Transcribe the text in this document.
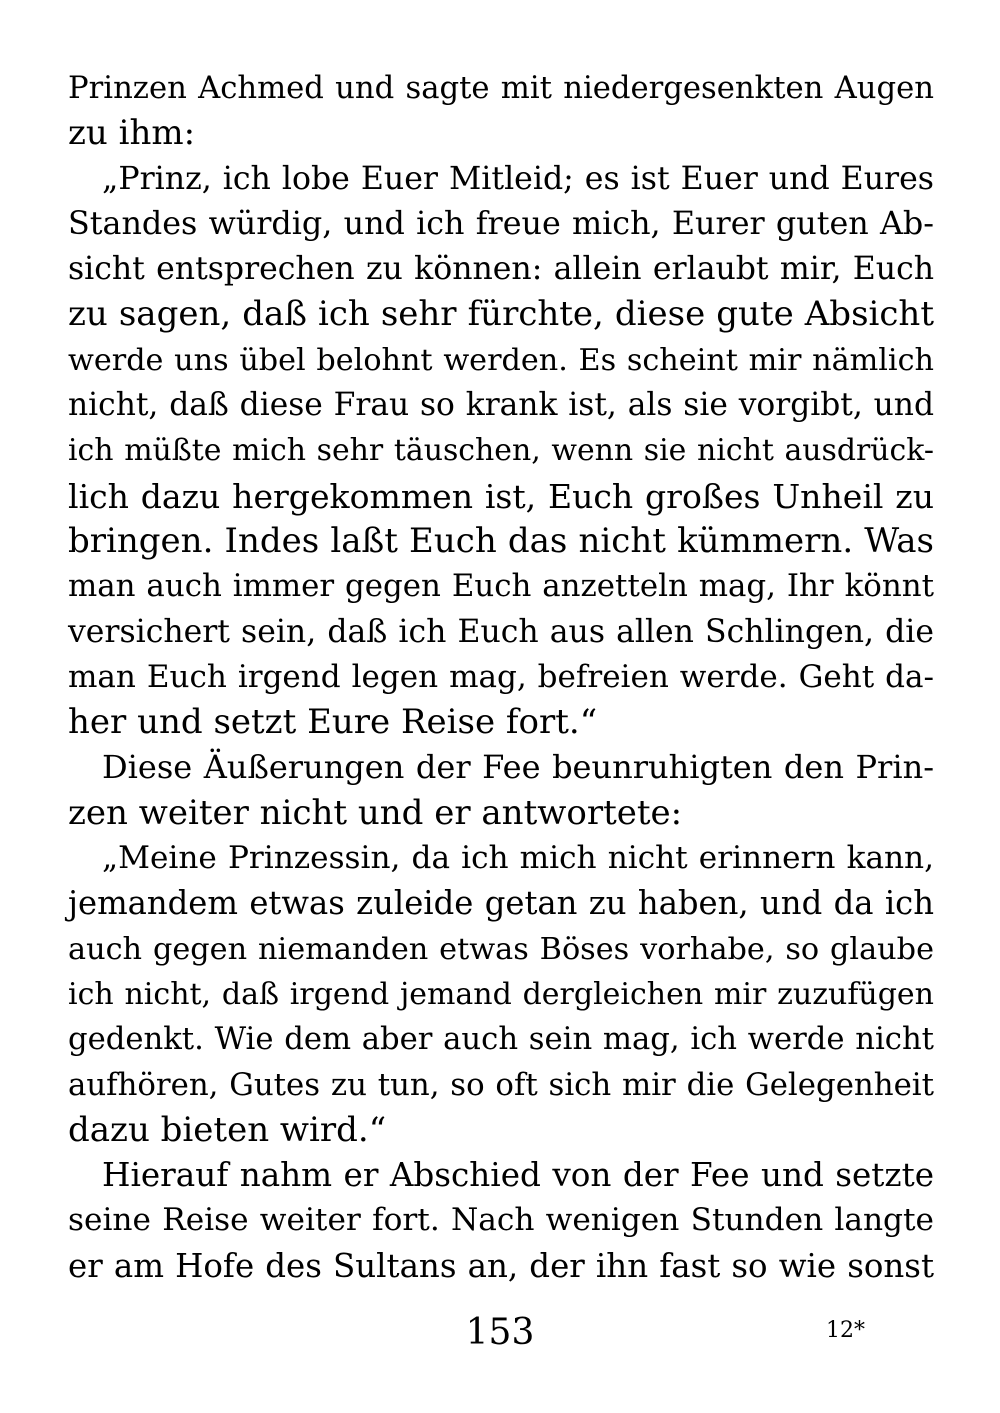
Prinzen Achmed und sagte mit niedergesenkten Augen
zu ihm:
„Prinz, ich lobe Euer Mitleid; es ist Euer und Eures
Standes würdig, und ich freue mich, Eurer guten Ab-
sicht entsprechen zu können: allein erlaubt mir, Euch
zu sagen, daß ich sehr fürchte, diese gute Absicht
werde uns übel belohnt werden. Es scheint mir nämlich
nicht, daß diese Frau so krank ist, als sie vorgibt, und
ich müßte mich sehr täuschen, wenn sie nicht ausdrück-
lich dazu hergekommen ist, Euch großes Unheil zu
bringen. Indes laßt Euch das nicht kümmern. Was
man auch immer gegen Euch anzetteln mag, Ihr könnt
versichert sein, daß ich Euch aus allen Schlingen, die
man Euch irgend legen mag, befreien werde. Geht da-
her und setzt Eure Reise fort.“
Diese Äußerungen der Fee beunruhigten den Prin-
zen weiter nicht und er antwortete:
„Meine Prinzessin, da ich mich nicht erinnern kann,
jemandem etwas zuleide getan zu haben, und da ich
auch gegen niemanden etwas Böses vorhabe, so glaube
ich nicht, daß irgend jemand dergleichen mir zuzufügen
gedenkt. Wie dem aber auch sein mag, ich werde nicht
aufhören, Gutes zu tun, so oft sich mir die Gelegenheit
dazu bieten wird.“
Hierauf nahm er Abschied von der Fee und setzte
seine Reise weiter fort. Nach wenigen Stunden langte
er am Hofe des Sultans an, der ihn fast so wie sonst
153	12*
